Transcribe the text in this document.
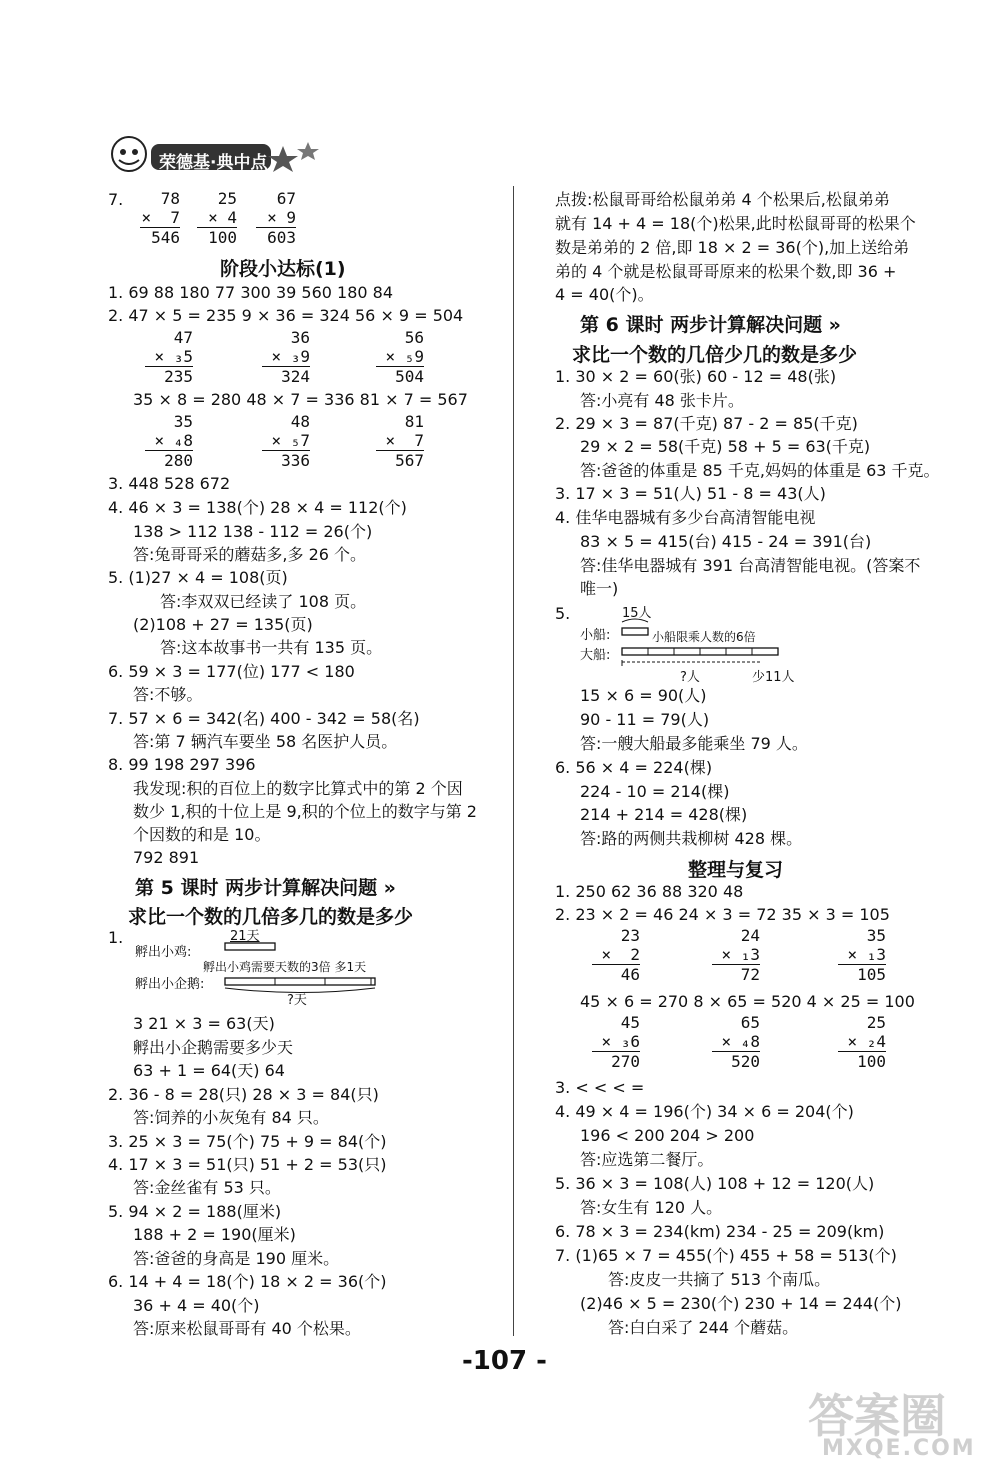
荣德基·典中点
7.	78
×  7
546
25
× 4
100
67
× 9
603
阶段小达标(1)
1. 69 88 180 77 300 39 560 180 84
2. 47 × 5 = 235 9 × 36 = 324 56 × 9 = 504
47
× ₃5
235
36
× ₃9
324
56
× ₅9
504
35 × 8 = 280 48 × 7 = 336 81 × 7 = 567
35
× ₄8
280
48
× ₅7
336
81
×  7
567
3. 448 528 672
4. 46 × 3 = 138(个) 28 × 4 = 112(个)
138 > 112 138 - 112 = 26(个)
答:兔哥哥采的蘑菇多,多 26 个。
5. (1)27 × 4 = 108(页)
答:李双双已经读了 108 页。
(2)108 + 27 = 135(页)
答:这本故事书一共有 135 页。
6. 59 × 3 = 177(位) 177 < 180
答:不够。
7. 57 × 6 = 342(名) 400 - 342 = 58(名)
答:第 7 辆汽车要坐 58 名医护人员。
8. 99 198 297 396
我发现:积的百位上的数字比算式中的第 2 个因
数少 1,积的十位上是 9,积的个位上的数字与第 2
个因数的和是 10。
792 891
第 5 课时 两步计算解决问题 »
求比一个数的几倍多几的数是多少
1.
孵出小鸡:
21天
孵出小鸡需要天数的3倍 多1天
孵出小企鹅:
?天
3 21 × 3 = 63(天)
孵出小企鹅需要多少天
63 + 1 = 64(天) 64
2. 36 - 8 = 28(只) 28 × 3 = 84(只)
答:饲养的小灰兔有 84 只。
3. 25 × 3 = 75(个) 75 + 9 = 84(个)
4. 17 × 3 = 51(只) 51 + 2 = 53(只)
答:金丝雀有 53 只。
5. 94 × 2 = 188(厘米)
188 + 2 = 190(厘米)
答:爸爸的身高是 190 厘米。
6. 14 + 4 = 18(个) 18 × 2 = 36(个)
36 + 4 = 40(个)
答:原来松鼠哥哥有 40 个松果。
点拨:松鼠哥哥给松鼠弟弟 4 个松果后,松鼠弟弟
就有 14 + 4 = 18(个)松果,此时松鼠哥哥的松果个
数是弟弟的 2 倍,即 18 × 2 = 36(个),加上送给弟
弟的 4 个就是松鼠哥哥原来的松果个数,即 36 +
4 = 40(个)。
第 6 课时 两步计算解决问题 »
求比一个数的几倍少几的数是多少
1. 30 × 2 = 60(张) 60 - 12 = 48(张)
答:小亮有 48 张卡片。
2. 29 × 3 = 87(千克) 87 - 2 = 85(千克)
29 × 2 = 58(千克) 58 + 5 = 63(千克)
答:爸爸的体重是 85 千克,妈妈的体重是 63 千克。
3. 17 × 3 = 51(人) 51 - 8 = 43(人)
4. 佳华电器城有多少台高清智能电视
83 × 5 = 415(台) 415 - 24 = 391(台)
答:佳华电器城有 391 台高清智能电视。(答案不
唯一)
5.	15人
小船:	小船限乘人数的6倍
大船:
?人	少11人
15 × 6 = 90(人)
90 - 11 = 79(人)
答:一艘大船最多能乘坐 79 人。
6. 56 × 4 = 224(棵)
224 - 10 = 214(棵)
214 + 214 = 428(棵)
答:路的两侧共栽柳树 428 棵。
整理与复习
1. 250 62 36 88 320 48
2. 23 × 2 = 46 24 × 3 = 72 35 × 3 = 105
23
×  2
46
24
× ₁3
72
35
× ₁3
105
45 × 6 = 270 8 × 65 = 520 4 × 25 = 100
45
× ₃6
270
65
× ₄8
520
25
× ₂4
100
3. < < < =
4. 49 × 4 = 196(个) 34 × 6 = 204(个)
196 < 200 204 > 200
答:应选第二餐厅。
5. 36 × 3 = 108(人) 108 + 12 = 120(人)
答:女生有 120 人。
6. 78 × 3 = 234(km) 234 - 25 = 209(km)
7. (1)65 × 7 = 455(个) 455 + 58 = 513(个)
答:皮皮一共摘了 513 个南瓜。
(2)46 × 5 = 230(个) 230 + 14 = 244(个)
答:白白采了 244 个蘑菇。
-107 -
答案圈
MXQE.COM
